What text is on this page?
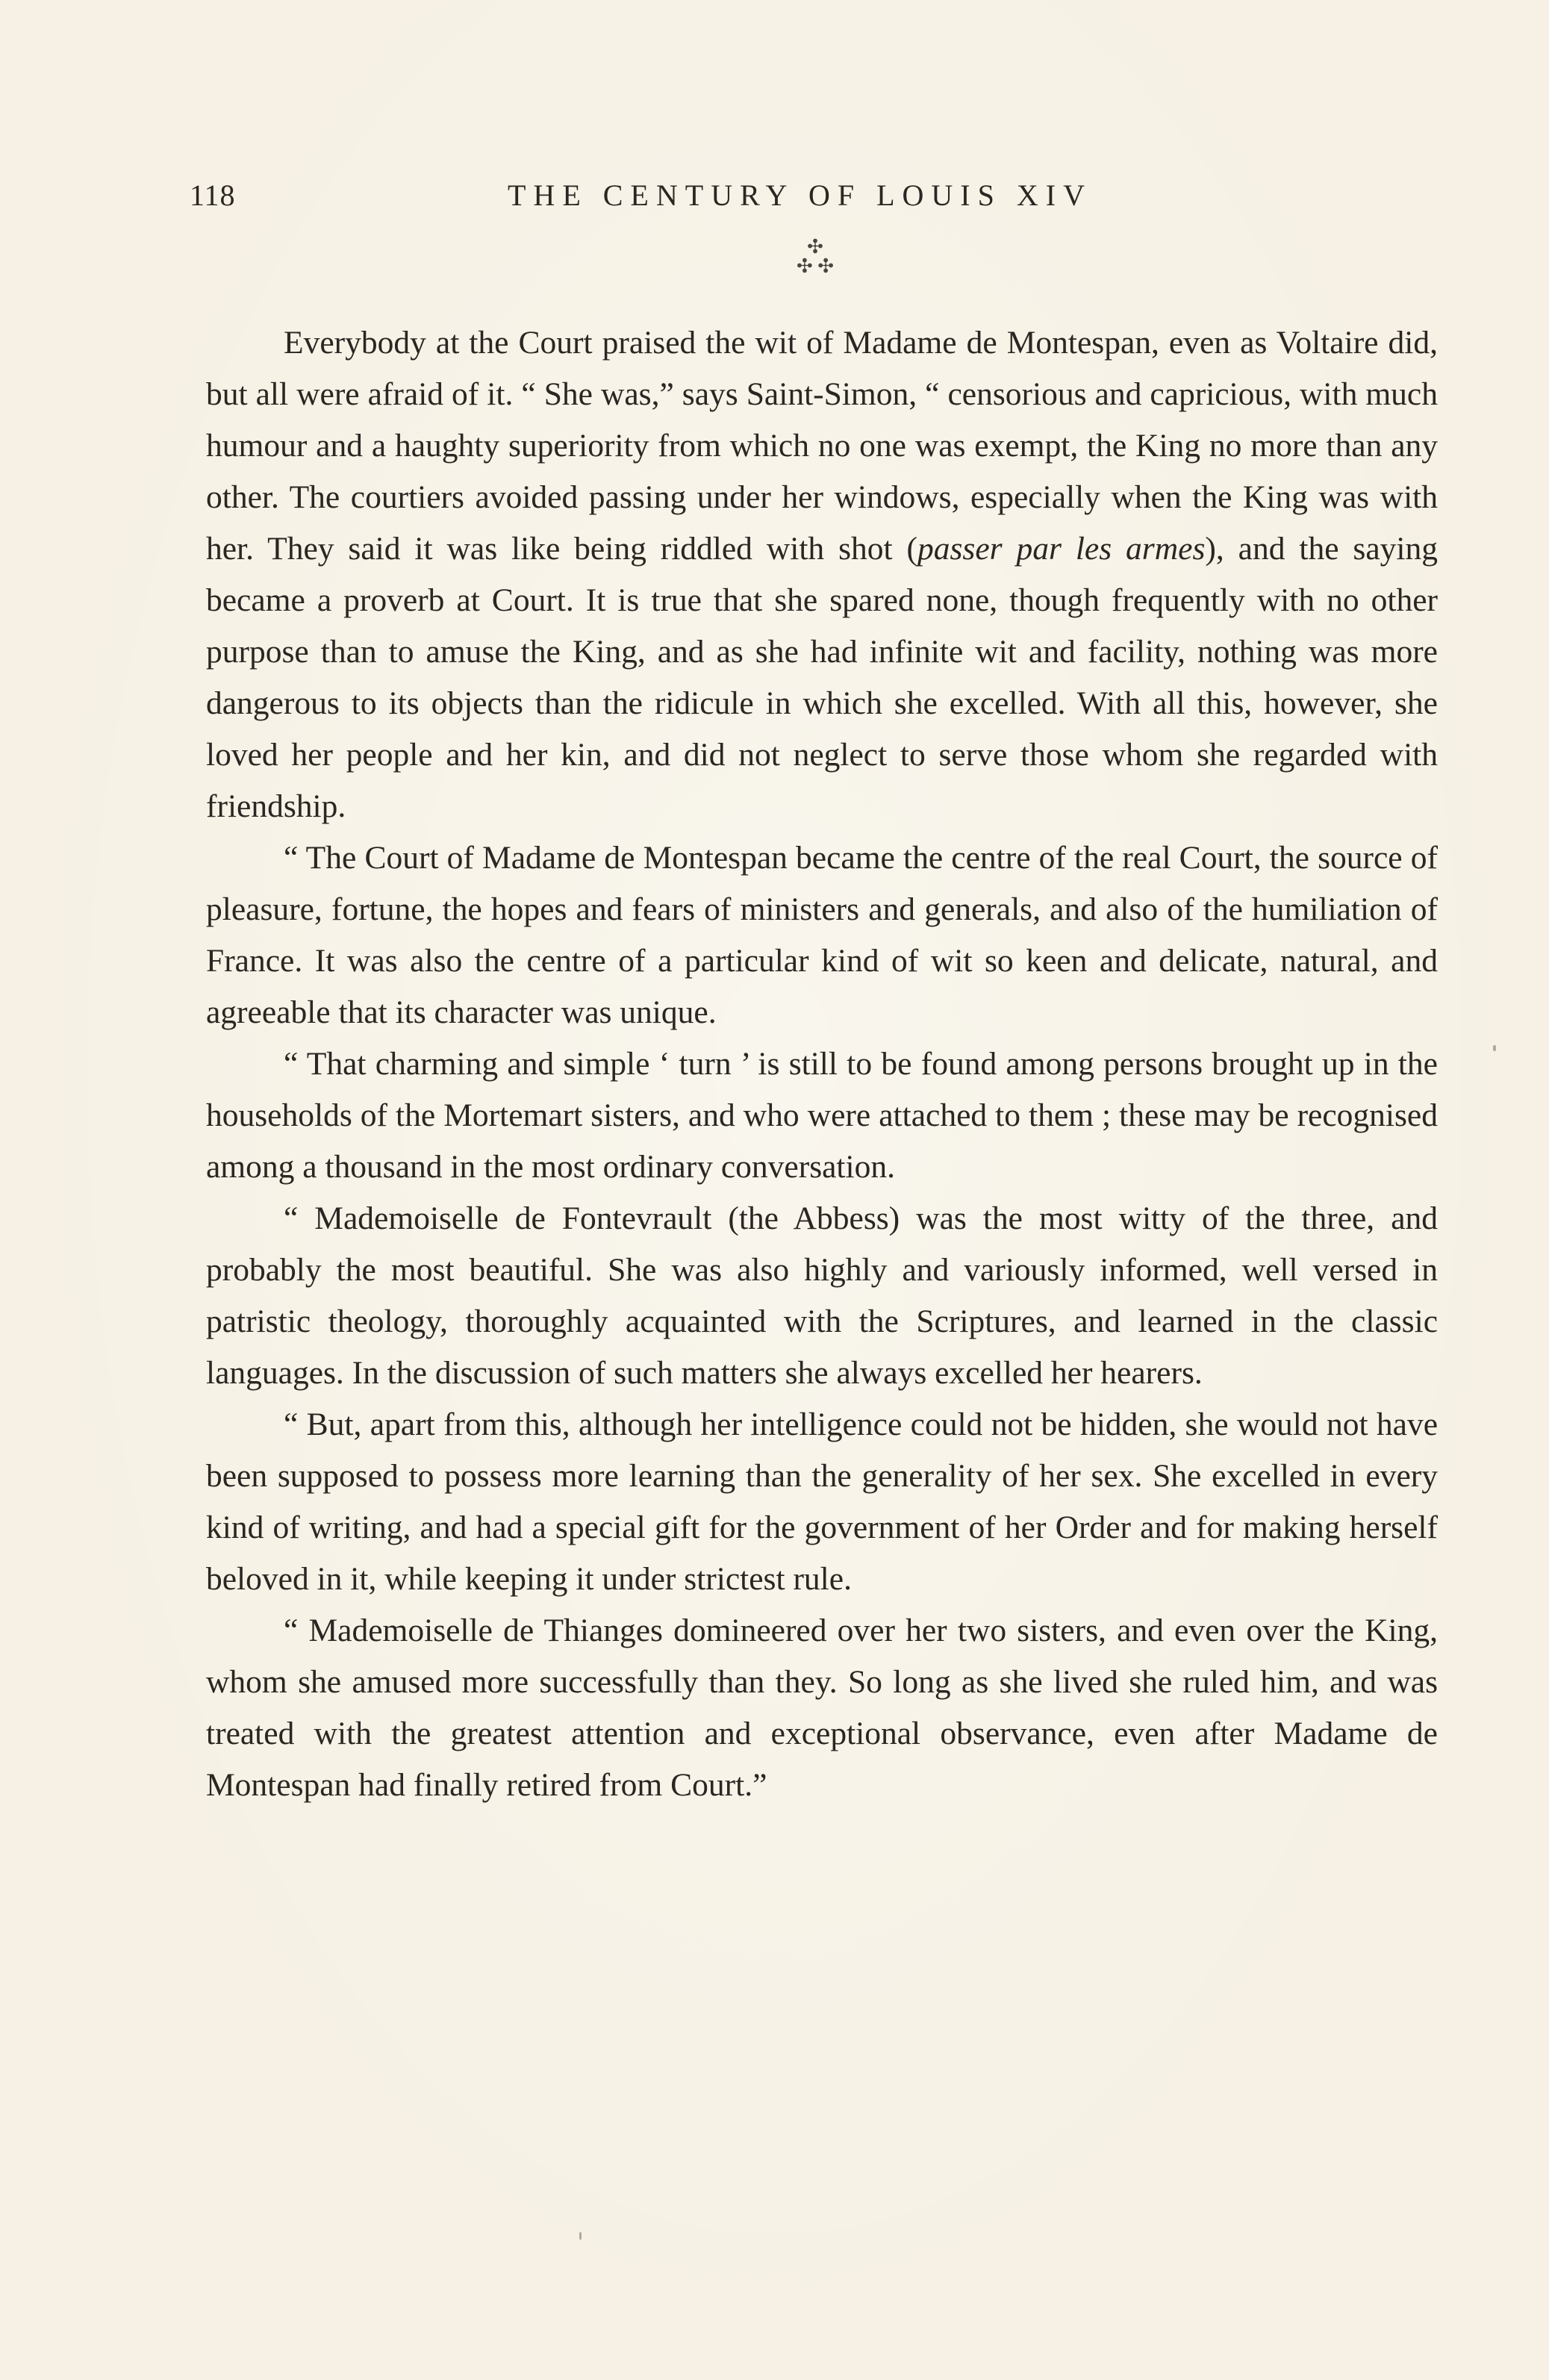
118	THE CENTURY OF LOUIS XIV
✣
✣ ✣

Everybody at the Court praised the wit of Madame de Montespan, even as Voltaire did, but all were afraid of it. “ She was,” says Saint-Simon, “ censorious and capricious, with much humour and a haughty superiority from which no one was exempt, the King no more than any other. The courtiers avoided passing under her windows, especially when the King was with her. They said it was like being riddled with shot (passer par les armes), and the saying became a proverb at Court. It is true that she spared none, though frequently with no other purpose than to amuse the King, and as she had infinite wit and facility, nothing was more dangerous to its objects than the ridicule in which she excelled. With all this, however, she loved her people and her kin, and did not neglect to serve those whom she regarded with friendship.

“ The Court of Madame de Montespan became the centre of the real Court, the source of pleasure, fortune, the hopes and fears of ministers and generals, and also of the humiliation of France. It was also the centre of a particular kind of wit so keen and delicate, natural, and agreeable that its character was unique.

“ That charming and simple ‘ turn ’ is still to be found among persons brought up in the households of the Mortemart sisters, and who were attached to them ; these may be recognised among a thousand in the most ordinary conversation.

“ Mademoiselle de Fontevrault (the Abbess) was the most witty of the three, and probably the most beautiful. She was also highly and variously informed, well versed in patristic theology, thoroughly acquainted with the Scriptures, and learned in the classic languages. In the discussion of such matters she always excelled her hearers.

“ But, apart from this, although her intelligence could not be hidden, she would not have been supposed to possess more learning than the generality of her sex. She excelled in every kind of writing, and had a special gift for the government of her Order and for making herself beloved in it, while keeping it under strictest rule.

“ Mademoiselle de Thianges domineered over her two sisters, and even over the King, whom she amused more successfully than they. So long as she lived she ruled him, and was treated with the greatest attention and exceptional observance, even after Madame de Montespan had finally retired from Court.”
